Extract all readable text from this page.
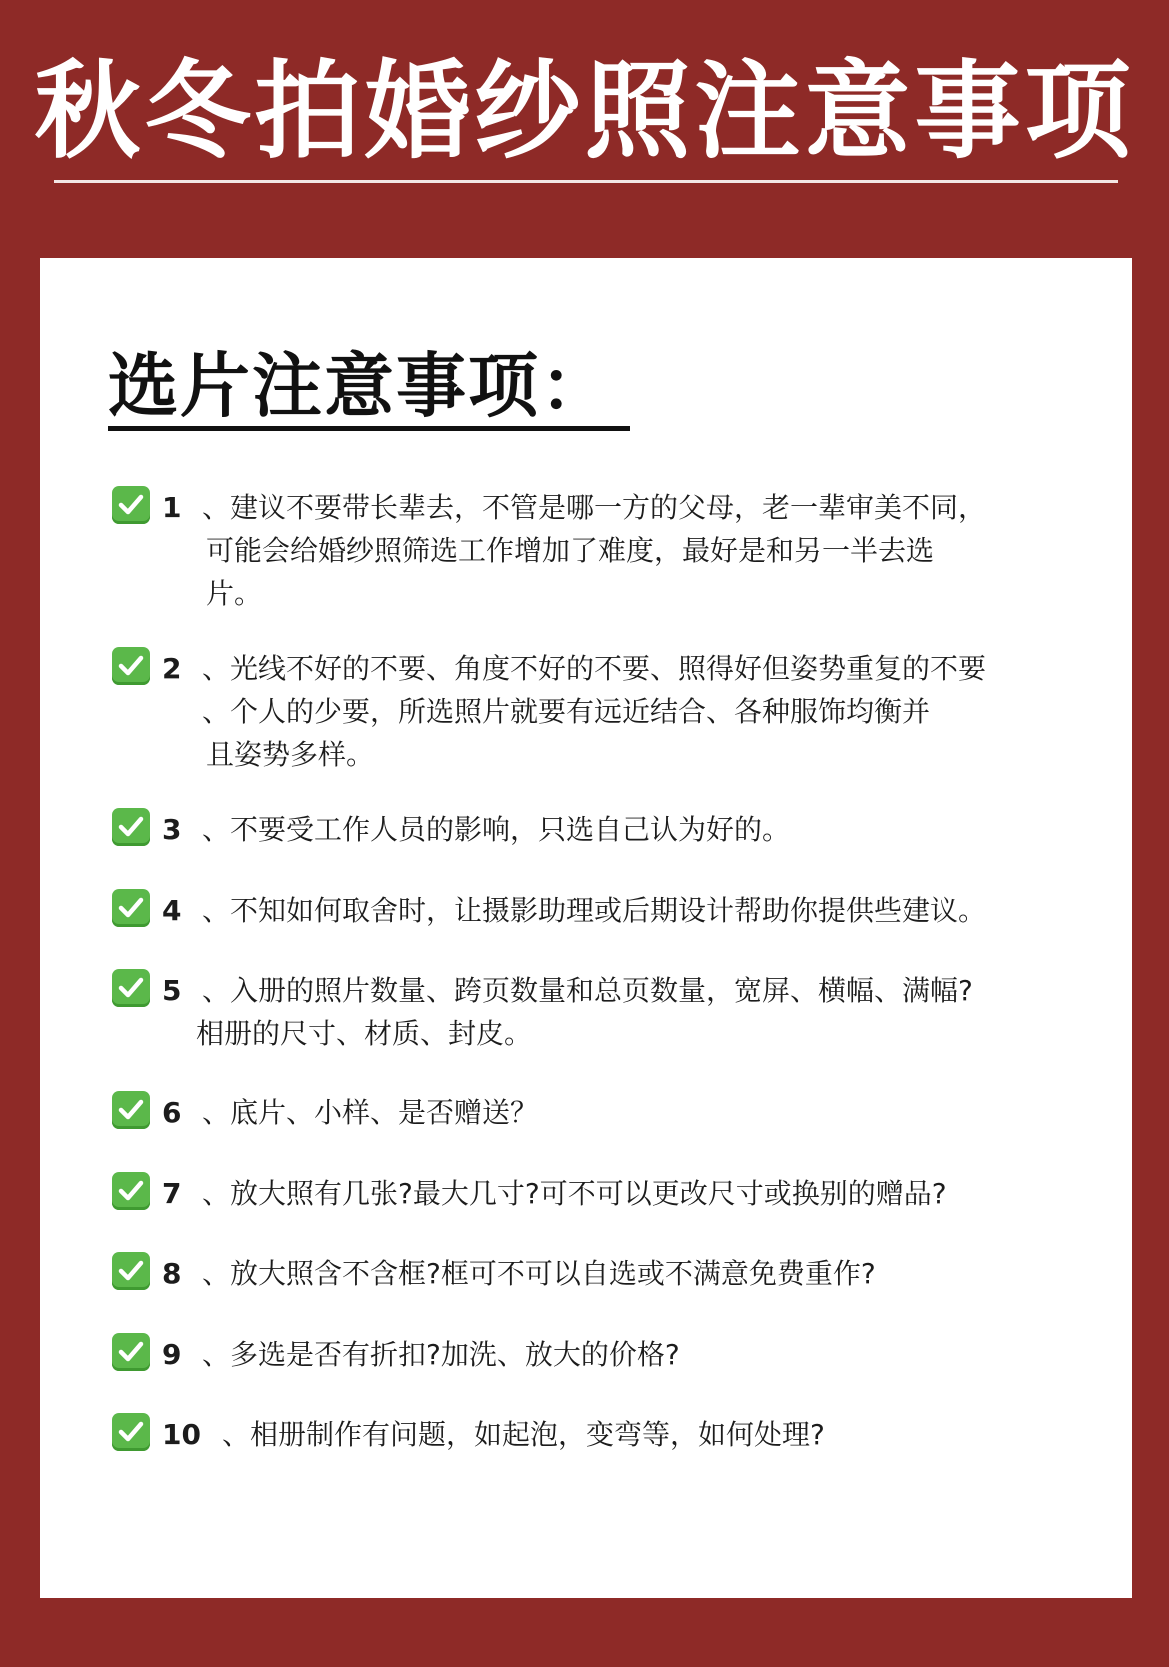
秋冬拍婚纱照注意事项
选片注意事项：
1 、建议不要带长辈去，不管是哪一方的父母，老一辈审美不同，
可能会给婚纱照筛选工作增加了难度，最好是和另一半去选
片。
2 、光线不好的不要、角度不好的不要、照得好但姿势重复的不要
、个人的少要，所选照片就要有远近结合、各种服饰均衡并
且姿势多样。
3 、不要受工作人员的影响，只选自己认为好的。
4 、不知如何取舍时，让摄影助理或后期设计帮助你提供些建议。
5 、入册的照片数量、跨页数量和总页数量，宽屏、横幅、满幅?
相册的尺寸、材质、封皮。
6 、底片、小样、是否赠送？
7 、放大照有几张?最大几寸?可不可以更改尺寸或换别的赠品?
8 、放大照含不含框?框可不可以自选或不满意免费重作?
9 、多选是否有折扣?加洗、放大的价格?
10 、相册制作有问题，如起泡，变弯等，如何处理?
